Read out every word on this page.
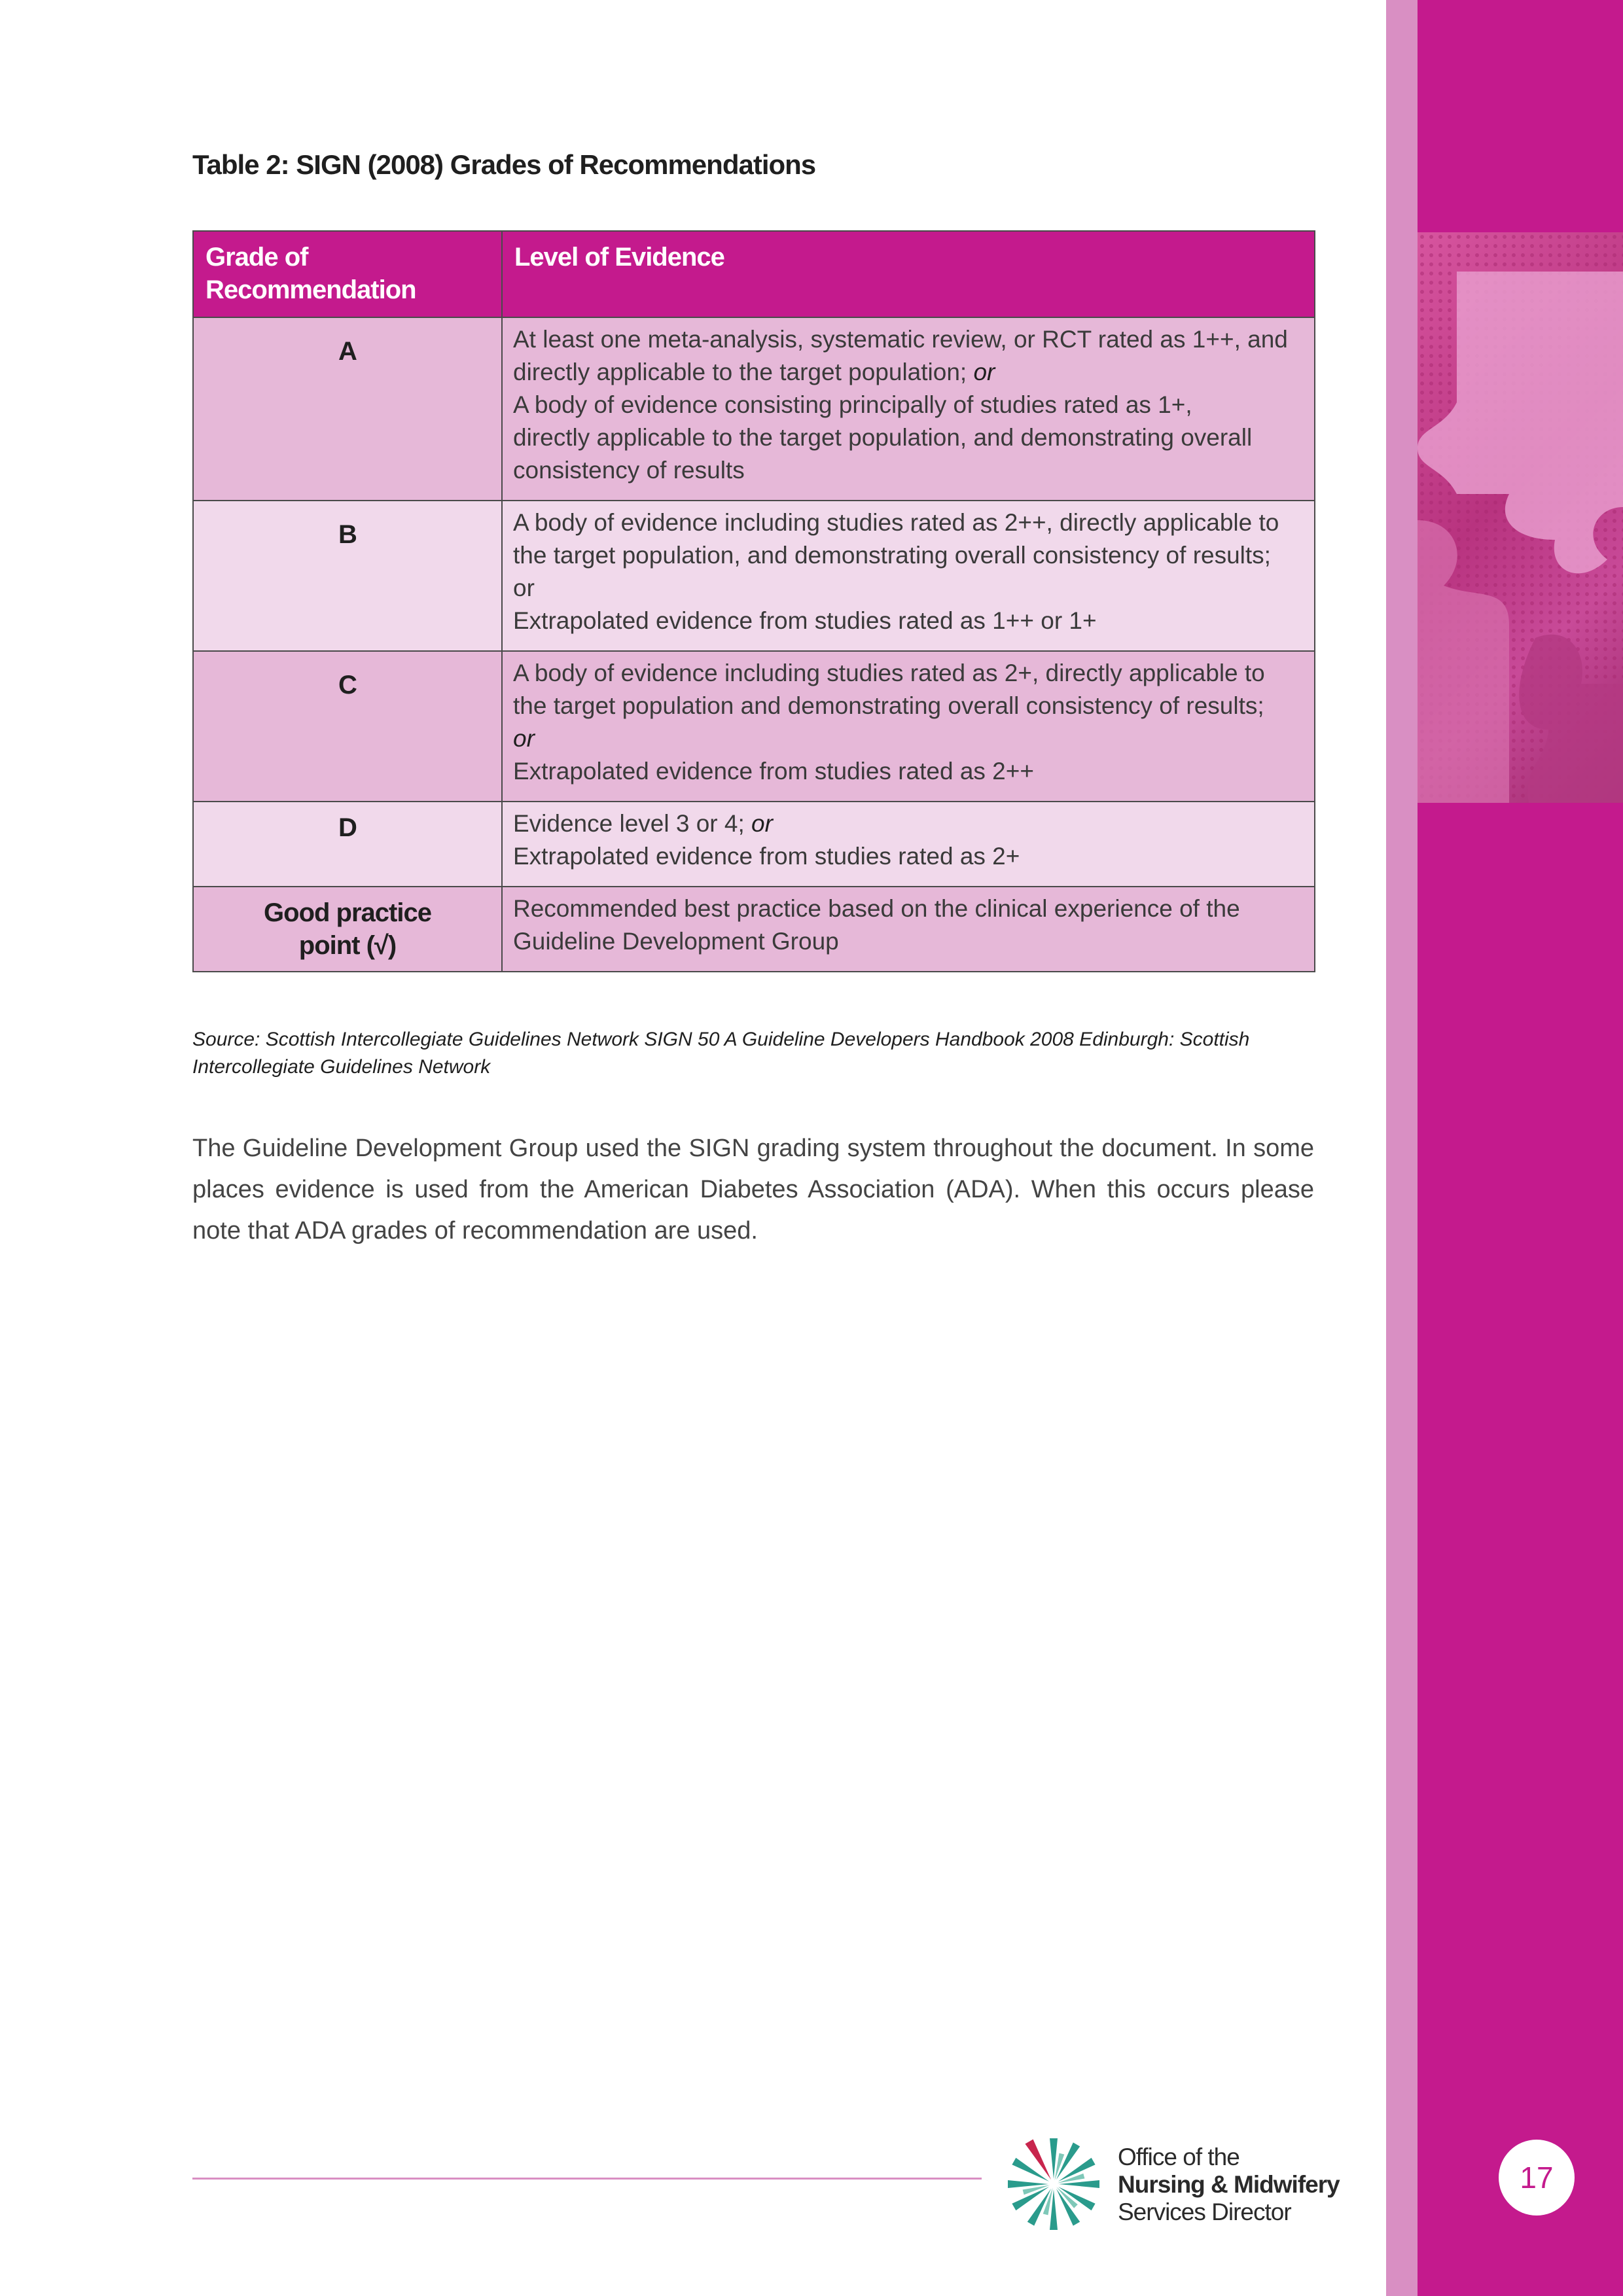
Table 2: SIGN (2008) Grades of Recommendations
Grade of Recommendation	Level of Evidence
A	At least one meta-analysis, systematic review, or RCT rated as 1++, and
directly applicable to the target population; or
A body of evidence consisting principally of studies rated as 1+,
directly applicable to the target population, and demonstrating overall
consistency of results

B	A body of evidence including studies rated as 2++, directly applicable to
the target population, and demonstrating overall consistency of results;
or
Extrapolated evidence from studies rated as 1++ or 1+

C	A body of evidence including studies rated as 2+, directly applicable to
the target population and demonstrating overall consistency of results;
or
Extrapolated evidence from studies rated as 2++

D	Evidence level 3 or 4; or
Extrapolated evidence from studies rated as 2+

Good practice point (√)	Recommended best practice based on the clinical experience of the
Guideline Development Group
Source: Scottish Intercollegiate Guidelines Network SIGN 50 A Guideline Developers Handbook 2008 Edinburgh: Scottish Intercollegiate Guidelines Network
The Guideline Development Group used the SIGN grading system throughout the document. In some places evidence is used from the American Diabetes Association (ADA). When this occurs please note that ADA grades of recommendation are used.
Office of the
Nursing & Midwifery
Services Director
17
